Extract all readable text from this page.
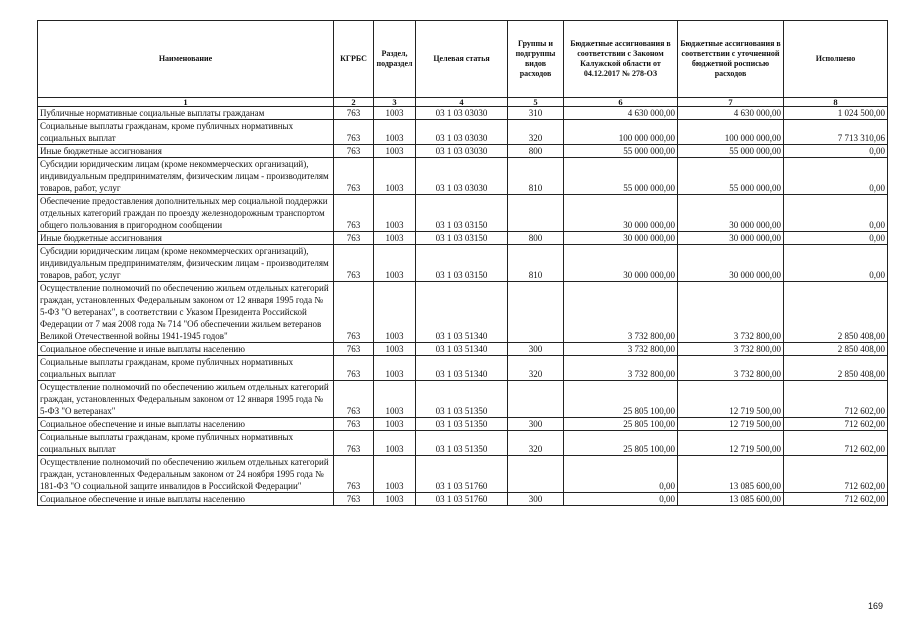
Наименование	КГРБС	Раздел, подраздел	Целевая статья	Группы и подгруппы видов расходов	Бюджетные ассигнования в соответствии с Законом Калужской области от 04.12.2017 № 278-ОЗ	Бюджетные ассигнования в соответствии с уточненной бюджетной росписью расходов	Исполнено
1	2	3	4	5	6	7	8
Публичные нормативные социальные выплаты гражданам	763	1003	03 1 03 03030	310	4 630 000,00	4 630 000,00	1 024 500,00
Социальные выплаты гражданам, кроме публичных нормативных социальных выплат	763	1003	03 1 03 03030	320	100 000 000,00	100 000 000,00	7 713 310,06
Иные бюджетные ассигнования	763	1003	03 1 03 03030	800	55 000 000,00	55 000 000,00	0,00
Субсидии юридическим лицам (кроме некоммерческих организаций), индивидуальным предпринимателям, физическим лицам - производителям товаров, работ, услуг	763	1003	03 1 03 03030	810	55 000 000,00	55 000 000,00	0,00
Обеспечение предоставления дополнительных мер социальной поддержки отдельных категорий граждан по проезду железнодорожным транспортом общего пользования в пригородном сообщении	763	1003	03 1 03 03150		30 000 000,00	30 000 000,00	0,00
Иные бюджетные ассигнования	763	1003	03 1 03 03150	800	30 000 000,00	30 000 000,00	0,00
Субсидии юридическим лицам (кроме некоммерческих организаций), индивидуальным предпринимателям, физическим лицам - производителям товаров, работ, услуг	763	1003	03 1 03 03150	810	30 000 000,00	30 000 000,00	0,00
Осуществление полномочий по обеспечению жильем отдельных категорий граждан, установленных Федеральным законом от 12 января 1995 года № 5-ФЗ "О ветеранах", в соответствии с Указом Президента Российской Федерации от 7 мая 2008 года № 714 "Об обеспечении жильем ветеранов Великой Отечественной войны 1941-1945 годов"	763	1003	03 1 03 51340		3 732 800,00	3 732 800,00	2 850 408,00
Социальное обеспечение и иные выплаты населению	763	1003	03 1 03 51340	300	3 732 800,00	3 732 800,00	2 850 408,00
Социальные выплаты гражданам, кроме публичных нормативных социальных выплат	763	1003	03 1 03 51340	320	3 732 800,00	3 732 800,00	2 850 408,00
Осуществление полномочий по обеспечению жильем отдельных категорий граждан, установленных Федеральным законом от 12 января 1995 года № 5-ФЗ "О ветеранах"	763	1003	03 1 03 51350		25 805 100,00	12 719 500,00	712 602,00
Социальное обеспечение и иные выплаты населению	763	1003	03 1 03 51350	300	25 805 100,00	12 719 500,00	712 602,00
Социальные выплаты гражданам, кроме публичных нормативных социальных выплат	763	1003	03 1 03 51350	320	25 805 100,00	12 719 500,00	712 602,00
Осуществление полномочий по обеспечению жильем отдельных категорий граждан, установленных Федеральным законом от 24 ноября 1995 года № 181-ФЗ "О социальной защите инвалидов в Российской Федерации"	763	1003	03 1 03 51760		0,00	13 085 600,00	712 602,00
Социальное обеспечение и иные выплаты населению	763	1003	03 1 03 51760	300	0,00	13 085 600,00	712 602,00
169
